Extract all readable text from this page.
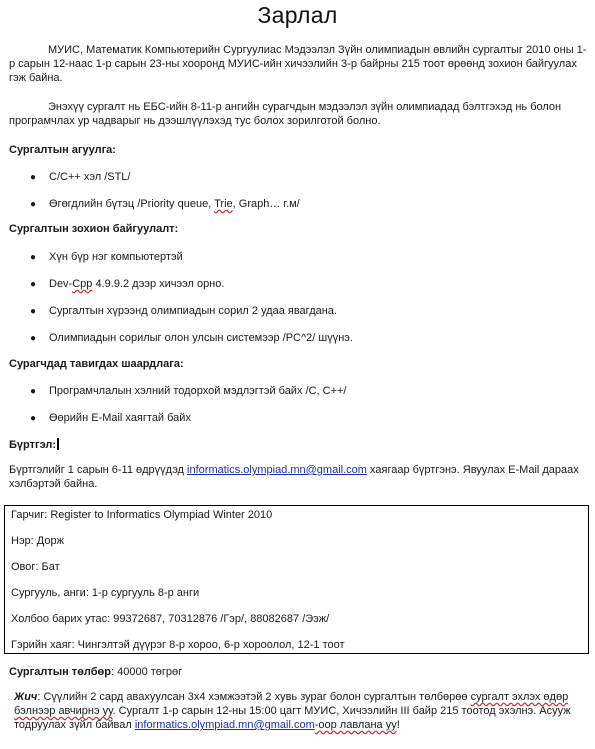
Зарлал
МУИС, Математик Компьютерийн Сургуулиас Мэдээлэл Зүйн олимпиадын өвлийн сургалтыг 2010 оны 1-р сарын 12-наас 1-р сарын 23-ны хооронд МУИС-ийн хичээлийн 3-р байрны 215 тоот өрөөнд зохион байгуулах гэж байна.
Энэхүү сургалт нь ЕБС-ийн 8-11-р ангийн сурагчдын мэдээлэл зүйн олимпиадад бэлтгэхэд нь болон програмчлах ур чадварыг нь дээшлүүлэхэд тус болох зорилготой болно.
Сургалтын агуулга:
● C/C++ хэл /STL/
● Өгөгдлийн бүтэц /Priority queue, Trie, Graph… г.м/
Сургалтын зохион байгуулалт:
● Хүн бүр нэг компьютертэй
● Dev-Cpp 4.9.9.2 дээр хичээл орно.
● Сургалтын хүрээнд олимпиадын сорил 2 удаа явагдана.
● Олимпиадын сорилыг олон улсын системээр /PC^2/ шүүнэ.
Сурагчдад тавигдах шаардлага:
● Програмчлалын хэлний тодорхой мэдлэгтэй байх /C, C++/
● Өөрийн E-Mail хаягтай байх
Бүртгэл:
Бүртгэлийг 1 сарын 6-11 өдрүүдэд informatics.olympiad.mn@gmail.com хаягаар бүртгэнэ. Явуулах E-Mail дараах хэлбэртэй байна.
Гарчиг: Register to Informatics Olympiad Winter 2010
Нэр: Дорж
Овог: Бат
Сургууль, анги: 1-р сургууль 8-р анги
Холбоо барих утас: 99372687, 70312876 /Гэр/, 88082687 /Ээж/
Гэрийн хаяг: Чингэлтэй дүүрэг 8-р хороо, 6-р хороолол, 12-1 тоот
Сургалтын төлбөр: 40000 төгрөг
Жич: Сүүлийн 2 сард авахуулсан 3х4 хэмжээтэй 2 хувь зураг болон сургалтын төлбөрөө сургалт эхлэх өдөр бэлнээр авчирнэ уу. Сургалт 1-р сарын 12-ны 15:00 цагт МУИС, Хичээлийн III байр 215 тоотод эхэлнэ. Асууж тодруулах зүйл байвал informatics.olympiad.mn@gmail.com-оор лавлана уу!
